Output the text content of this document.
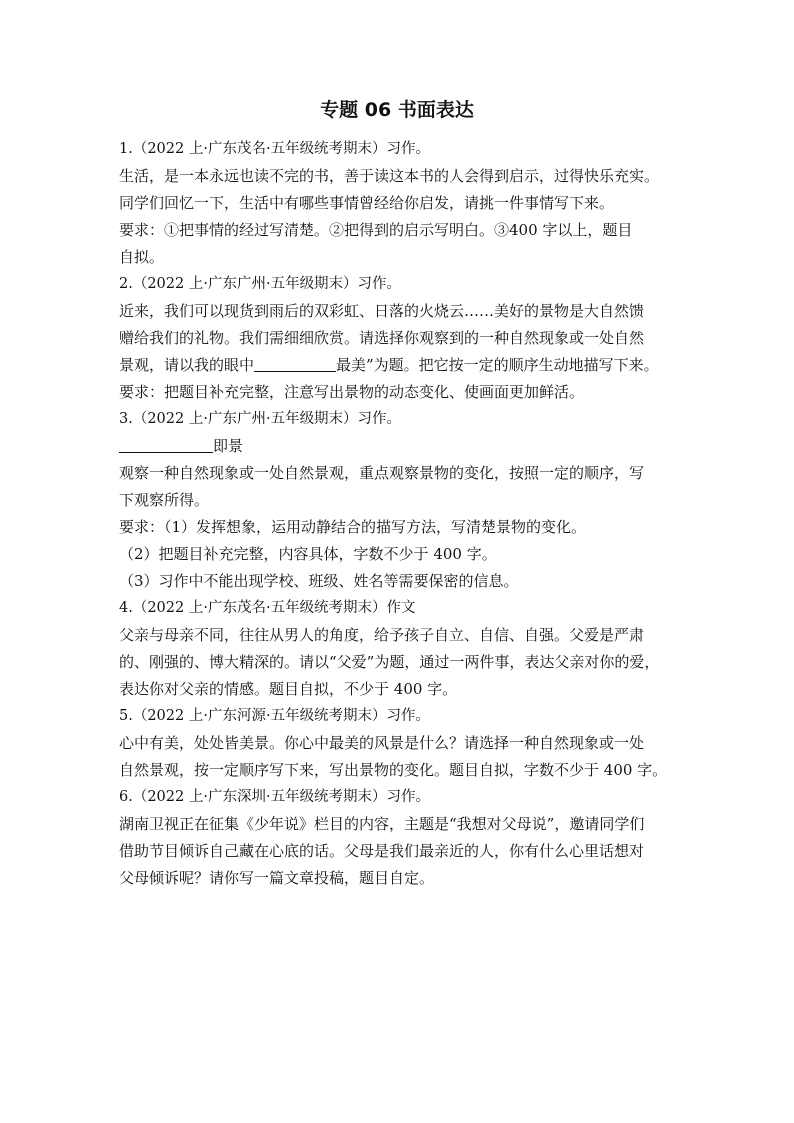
专题 06 书面表达
1.（2022 上·广东茂名·五年级统考期末）习作。
生活，是一本永远也读不完的书，善于读这本书的人会得到启示，过得快乐充实。
同学们回忆一下，生活中有哪些事情曾经给你启发，请挑一件事情写下来。
要求：①把事情的经过写清楚。②把得到的启示写明白。③400 字以上，题目
自拟。
2.（2022 上·广东广州·五年级期末）习作。
近来，我们可以现货到雨后的双彩虹、日落的火烧云……美好的景物是大自然馈
赠给我们的礼物。我们需细细欣赏。请选择你观察到的一种自然现象或一处自然
景观，请以我的眼中	最美”为题。把它按一定的顺序生动地描写下来。
要求：把题目补充完整，注意写出景物的动态变化、使画面更加鲜活。
3.（2022 上·广东广州·五年级期末）习作。
即景
观察一种自然现象或一处自然景观，重点观察景物的变化，按照一定的顺序，写
下观察所得。
要求：（1）发挥想象，运用动静结合的描写方法，写清楚景物的变化。
（2）把题目补充完整，内容具体，字数不少于 400 字。
（3）习作中不能出现学校、班级、姓名等需要保密的信息。
4.（2022 上·广东茂名·五年级统考期末）作文
父亲与母亲不同，往往从男人的角度，给予孩子自立、自信、自强。父爱是严肃
的、刚强的、博大精深的。请以“父爱”为题，通过一两件事，表达父亲对你的爱，
表达你对父亲的情感。题目自拟，不少于 400 字。
5.（2022 上·广东河源·五年级统考期末）习作。
心中有美，处处皆美景。你心中最美的风景是什么？请选择一种自然现象或一处
自然景观，按一定顺序写下来，写出景物的变化。题目自拟，字数不少于 400 字。
6.（2022 上·广东深圳·五年级统考期末）习作。
湖南卫视正在征集《少年说》栏目的内容，主题是“我想对父母说”，邀请同学们
借助节目倾诉自己藏在心底的话。父母是我们最亲近的人，你有什么心里话想对
父母倾诉呢？请你写一篇文章投稿，题目自定。
